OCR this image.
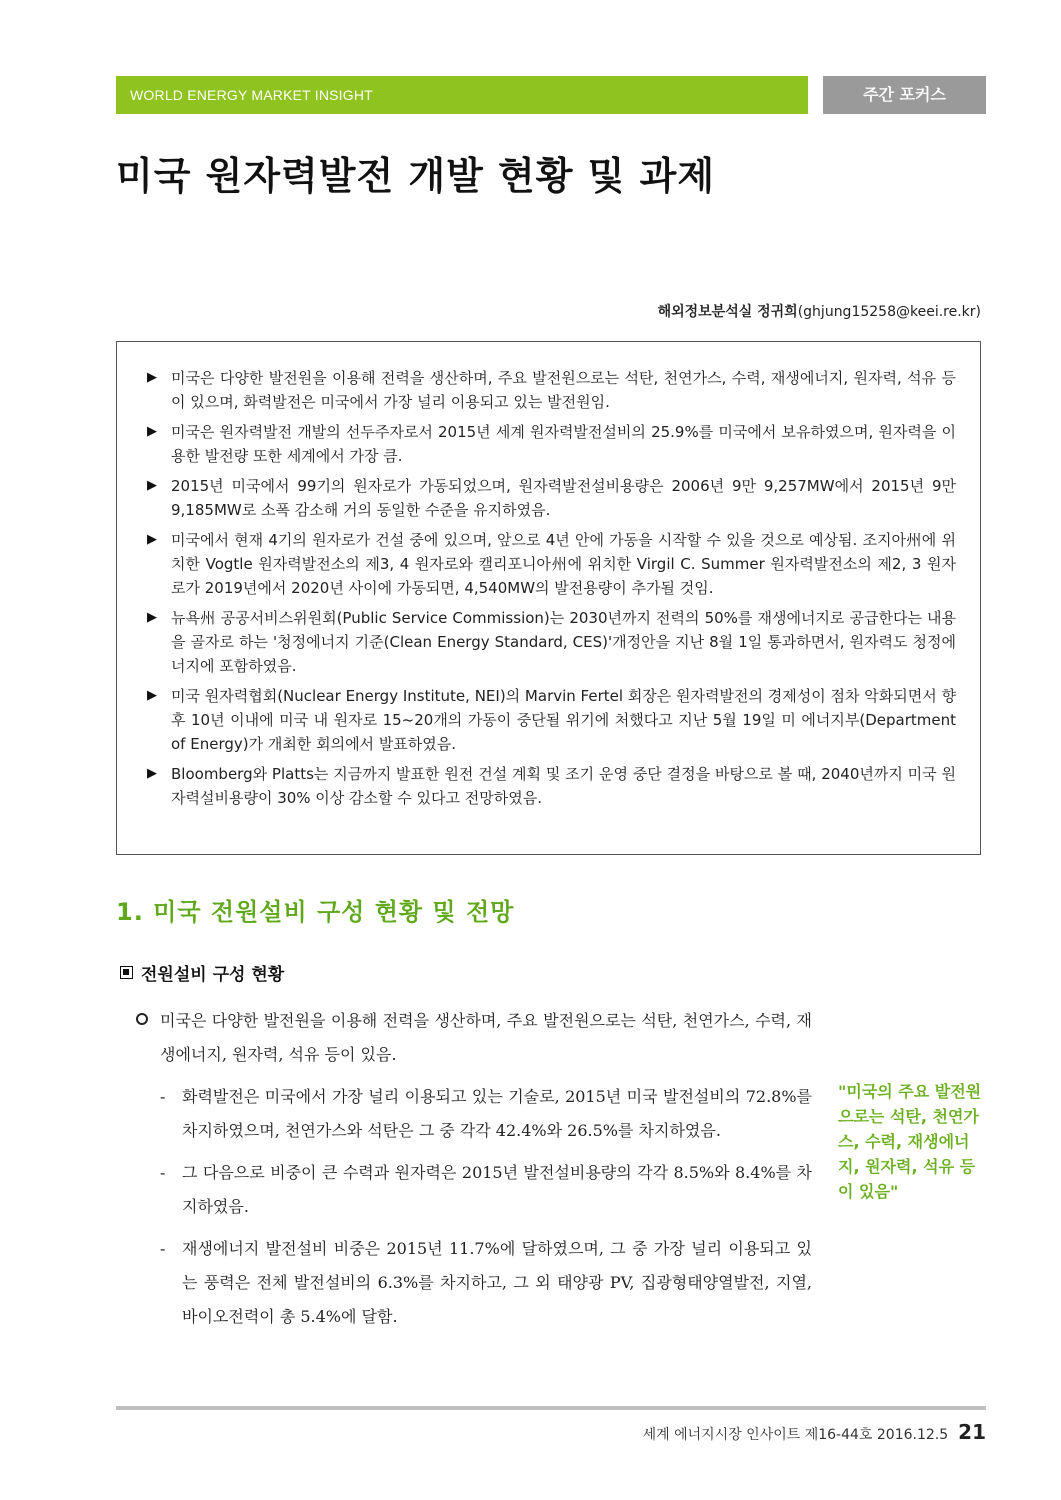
WORLD ENERGY MARKET INSIGHT	주간 포커스
미국 원자력발전 개발 현황 및 과제
해외정보분석실 정귀희(ghjung15258@keei.re.kr)
▶ 미국은 다양한 발전원을 이용해 전력을 생산하며, 주요 발전원으로는 석탄, 천연가스, 수력, 재생에너지, 원자력, 석유 등이 있으며, 화력발전은 미국에서 가장 널리 이용되고 있는 발전원임.
▶ 미국은 원자력발전 개발의 선두주자로서 2015년 세계 원자력발전설비의 25.9%를 미국에서 보유하였으며, 원자력을 이용한 발전량 또한 세계에서 가장 큼.
▶ 2015년 미국에서 99기의 원자로가 가동되었으며, 원자력발전설비용량은 2006년 9만 9,257MW에서 2015년 9만 9,185MW로 소폭 감소해 거의 동일한 수준을 유지하였음.
▶ 미국에서 현재 4기의 원자로가 건설 중에 있으며, 앞으로 4년 안에 가동을 시작할 수 있을 것으로 예상됨. 조지아州에 위치한 Vogtle 원자력발전소의 제3, 4 원자로와 캘리포니아州에 위치한 Virgil C. Summer 원자력발전소의 제2, 3 원자로가 2019년에서 2020년 사이에 가동되면, 4,540MW의 발전용량이 추가될 것임.
▶ 뉴욕州 공공서비스위원회(Public Service Commission)는 2030년까지 전력의 50%를 재생에너지로 공급한다는 내용을 골자로 하는 '청정에너지 기준(Clean Energy Standard, CES)'개정안을 지난 8월 1일 통과하면서, 원자력도 청정에너지에 포함하였음.
▶ 미국 원자력협회(Nuclear Energy Institute, NEI)의 Marvin Fertel 회장은 원자력발전의 경제성이 점차 악화되면서 향후 10년 이내에 미국 내 원자로 15~20개의 가동이 중단될 위기에 처했다고 지난 5월 19일 미 에너지부(Department of Energy)가 개최한 회의에서 발표하였음.
▶ Bloomberg와 Platts는 지금까지 발표한 원전 건설 계획 및 조기 운영 중단 결정을 바탕으로 볼 때, 2040년까지 미국 원자력설비용량이 30% 이상 감소할 수 있다고 전망하였음.
1. 미국 전원설비 구성 현황 및 전망
전원설비 구성 현황

미국은 다양한 발전원을 이용해 전력을 생산하며, 주요 발전원으로는 석탄, 천연가스, 수력, 재생에너지, 원자력, 석유 등이 있음.

- 화력발전은 미국에서 가장 널리 이용되고 있는 기술로, 2015년 미국 발전설비의 72.8%를 차지하였으며, 천연가스와 석탄은 그 중 각각 42.4%와 26.5%를 차지하였음.

- 그 다음으로 비중이 큰 수력과 원자력은 2015년 발전설비용량의 각각 8.5%와 8.4%를 차지하였음.

- 재생에너지 발전설비 비중은 2015년 11.7%에 달하였으며, 그 중 가장 널리 이용되고 있는 풍력은 전체 발전설비의 6.3%를 차지하고, 그 외 태양광 PV, 집광형태양열발전, 지열, 바이오전력이 총 5.4%에 달함.

"미국의 주요 발전원으로는 석탄, 천연가스, 수력, 재생에너지, 원자력, 석유 등이 있음"
세계 에너지시장 인사이트 제16-44호 2016.12.5 21
